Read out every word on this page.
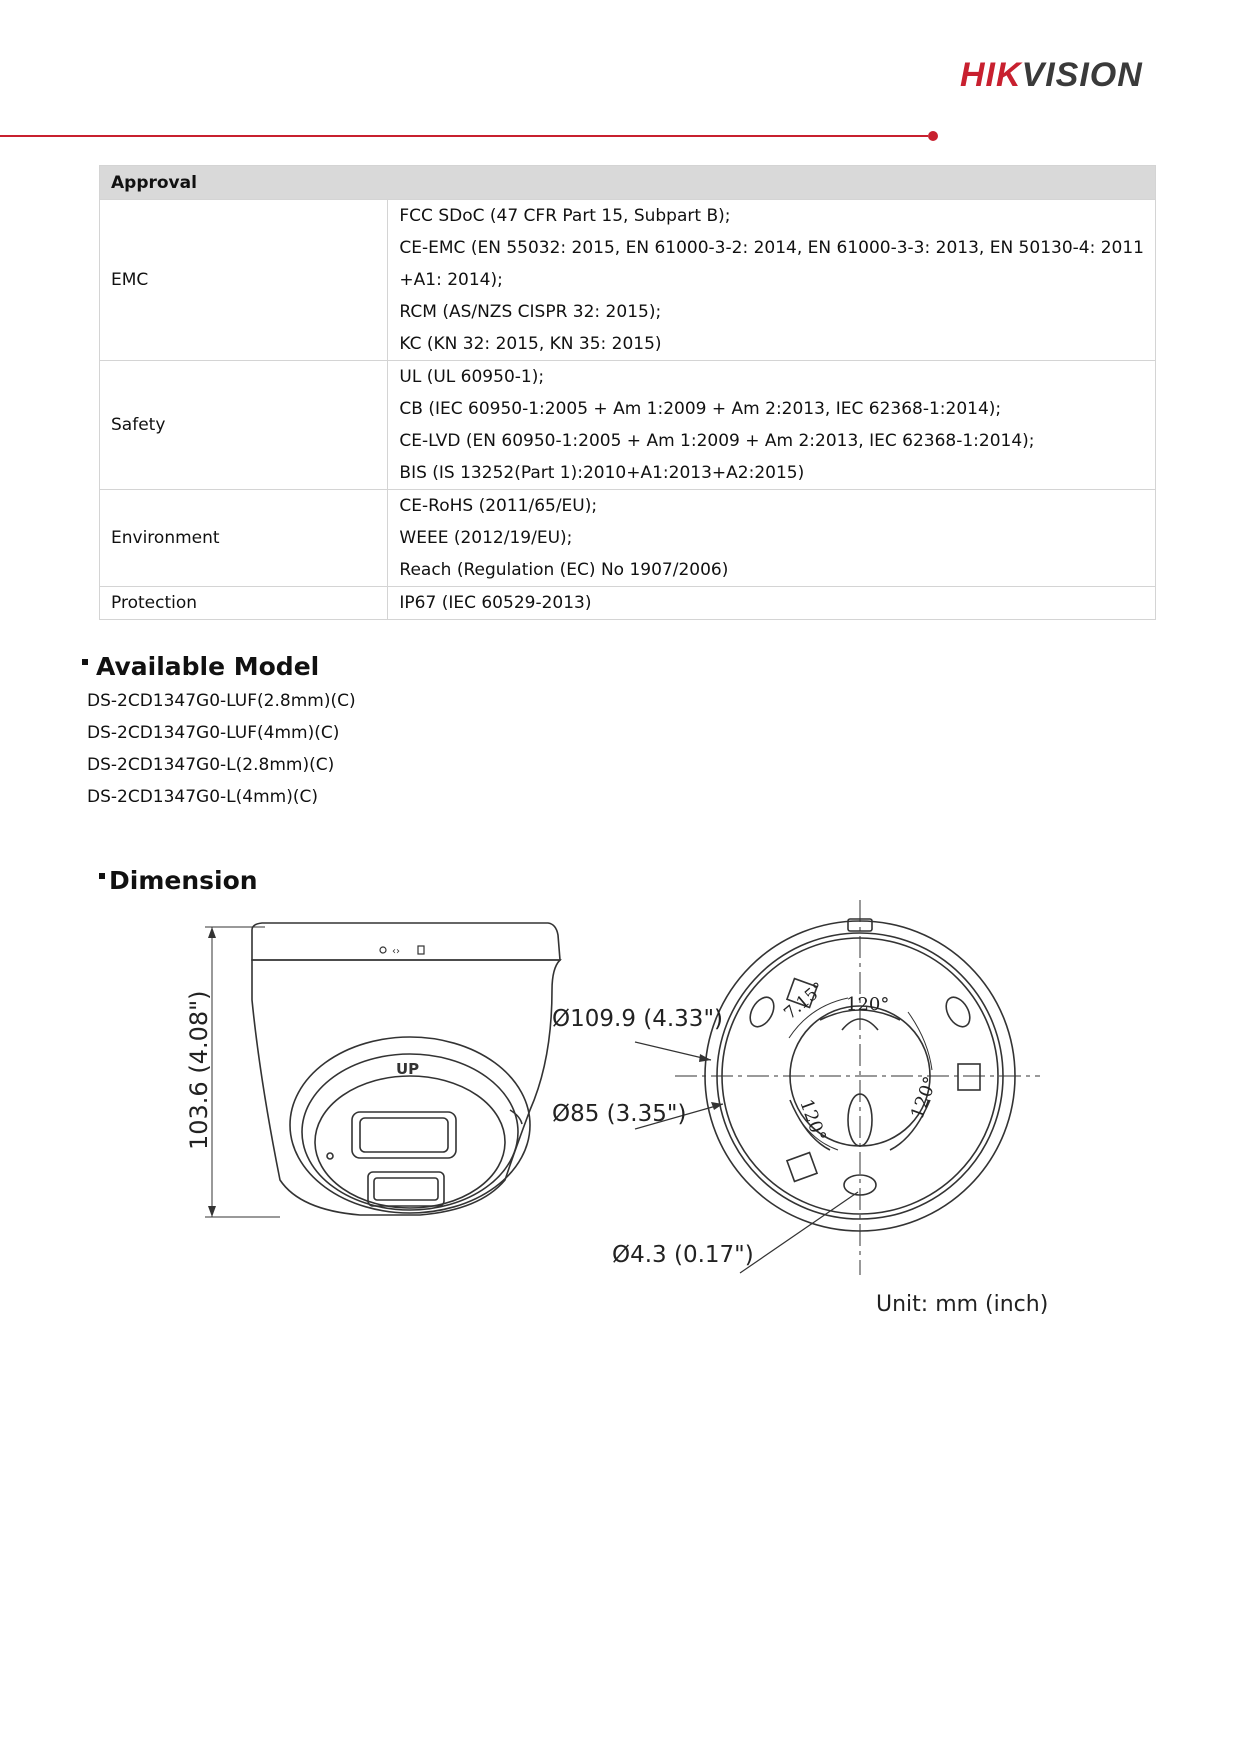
HIKVISION
Approval	
EMC	FCC SDoC (47 CFR Part 15, Subpart B);
CE-EMC (EN 55032: 2015, EN 61000-3-2: 2014, EN 61000-3-3: 2013, EN 50130-4: 2011
+A1: 2014);
RCM (AS/NZS CISPR 32: 2015);
KC (KN 32: 2015, KN 35: 2015)

Safety	UL (UL 60950-1);
CB (IEC 60950-1:2005 + Am 1:2009 + Am 2:2013, IEC 62368-1:2014);
CE-LVD (EN 60950-1:2005 + Am 1:2009 + Am 2:2013, IEC 62368-1:2014);
BIS (IS 13252(Part 1):2010+A1:2013+A2:2015)

Environment	CE-RoHS (2011/65/EU);
WEEE (2012/19/EU);
Reach (Regulation (EC) No 1907/2006)

Protection	IP67 (IEC 60529-2013)
Available Model
DS-2CD1347G0-LUF(2.8mm)(C)
DS-2CD1347G0-LUF(4mm)(C)
DS-2CD1347G0-L(2.8mm)(C)
DS-2CD1347G0-L(4mm)(C)
Dimension
‹›
UP
103.6 (4.08")	Ø109.9 (4.33")
Ø85 (3.35")
Ø4.3 (0.17")
7.15° 120°
120°
120°
Unit: mm (inch)
